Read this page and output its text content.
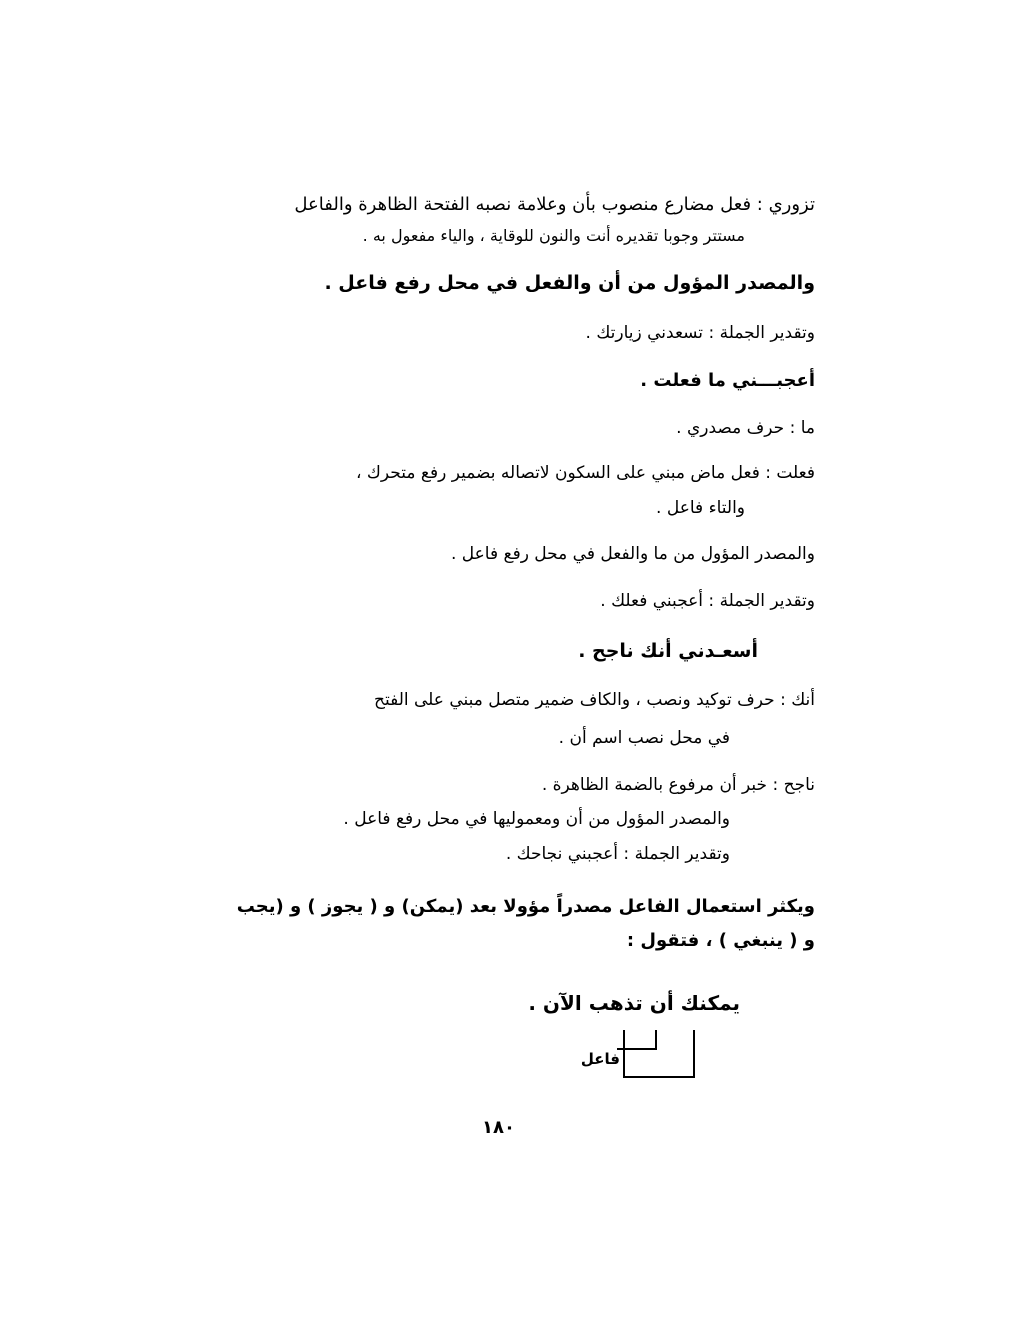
تزوري : فعل مضارع منصوب بأن وعلامة نصبه الفتحة الظاهرة والفاعل
مستتر وجوبا تقديره أنت والنون للوقاية ، والياء مفعول به .
والمصدر المؤول من أن والفعل في محل رفع فاعل .
وتقدير الجملة : تسعدني زيارتك .
أعجبـــني ما فعلت .
ما : حرف مصدري .
فعلت : فعل ماض مبني على السكون لاتصاله بضمير رفع متحرك ،
والتاء فاعل .
والمصدر المؤول من ما والفعل في محل رفع فاعل .
وتقدير الجملة : أعجبني فعلك .
أسعـدني أنك ناجح .
أنك : حرف توكيد ونصب ، والكاف ضمير متصل مبني على الفتح
في محل نصب اسم أن .
ناجح : خبر أن مرفوع بالضمة الظاهرة .
والمصدر المؤول من أن ومعموليها في محل رفع فاعل .
وتقدير الجملة : أعجبني نجاحك .
ويكثر استعمال الفاعل مصدراً مؤولا بعد (يمكن) و ( يجوز ) و (يجب
و ( ينبغي ) ، فتقول :
يمكنك أن تذهب الآن .
فاعل
١٨٠
